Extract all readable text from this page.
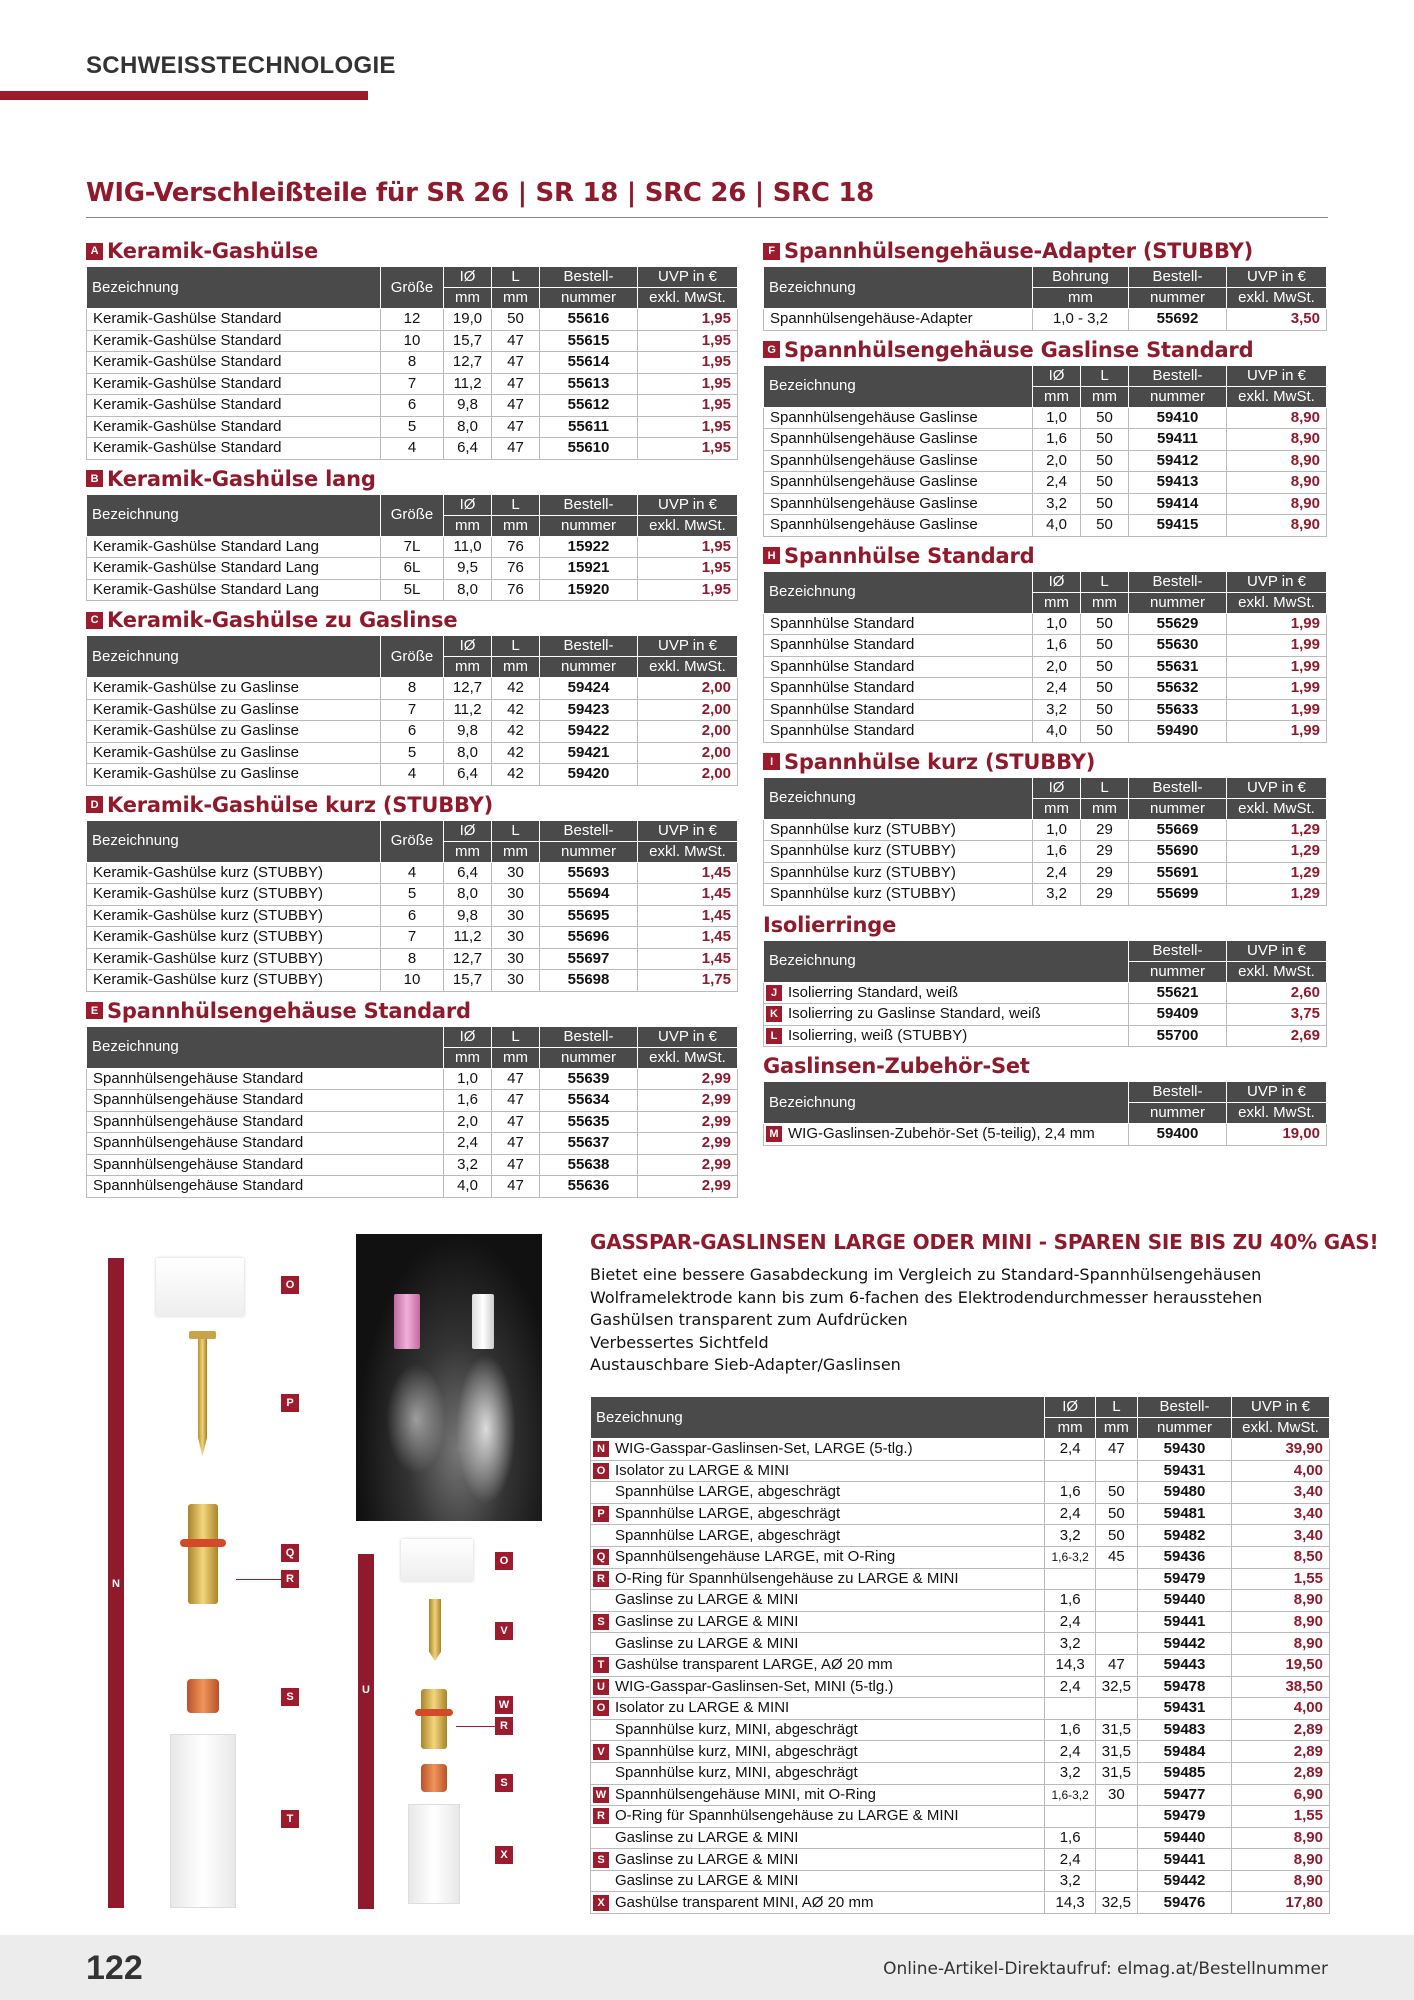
SCHWEISSTECHNOLOGIE
WIG-Verschleißteile für SR 26 | SR 18 | SRC 26 | SRC 18
A Keramik-Gashülse
Bezeichnung	Größe	IØ	L	Bestell-	UVP in €
		mm	mm	nummer	exkl. MwSt.
Keramik-Gashülse Standard	12	19,0	50	55616	1,95
Keramik-Gashülse Standard	10	15,7	47	55615	1,95
Keramik-Gashülse Standard	8	12,7	47	55614	1,95
Keramik-Gashülse Standard	7	11,2	47	55613	1,95
Keramik-Gashülse Standard	6	9,8	47	55612	1,95
Keramik-Gashülse Standard	5	8,0	47	55611	1,95
Keramik-Gashülse Standard	4	6,4	47	55610	1,95
B Keramik-Gashülse lang
Bezeichnung	Größe	IØ	L	Bestell-	UVP in €
		mm	mm	nummer	exkl. MwSt.
Keramik-Gashülse Standard Lang	7L	11,0	76	15922	1,95
Keramik-Gashülse Standard Lang	6L	9,5	76	15921	1,95
Keramik-Gashülse Standard Lang	5L	8,0	76	15920	1,95
C Keramik-Gashülse zu Gaslinse
Bezeichnung	Größe	IØ	L	Bestell-	UVP in €
		mm	mm	nummer	exkl. MwSt.
Keramik-Gashülse zu Gaslinse	8	12,7	42	59424	2,00
Keramik-Gashülse zu Gaslinse	7	11,2	42	59423	2,00
Keramik-Gashülse zu Gaslinse	6	9,8	42	59422	2,00
Keramik-Gashülse zu Gaslinse	5	8,0	42	59421	2,00
Keramik-Gashülse zu Gaslinse	4	6,4	42	59420	2,00
D Keramik-Gashülse kurz (STUBBY)
Bezeichnung	Größe	IØ	L	Bestell-	UVP in €
		mm	mm	nummer	exkl. MwSt.
Keramik-Gashülse kurz (STUBBY)	4	6,4	30	55693	1,45
Keramik-Gashülse kurz (STUBBY)	5	8,0	30	55694	1,45
Keramik-Gashülse kurz (STUBBY)	6	9,8	30	55695	1,45
Keramik-Gashülse kurz (STUBBY)	7	11,2	30	55696	1,45
Keramik-Gashülse kurz (STUBBY)	8	12,7	30	55697	1,45
Keramik-Gashülse kurz (STUBBY)	10	15,7	30	55698	1,75
E Spannhülsengehäuse Standard
Bezeichnung	IØ	L	Bestell-	UVP in €
	mm	mm	nummer	exkl. MwSt.
Spannhülsengehäuse Standard	1,0	47	55639	2,99
Spannhülsengehäuse Standard	1,6	47	55634	2,99
Spannhülsengehäuse Standard	2,0	47	55635	2,99
Spannhülsengehäuse Standard	2,4	47	55637	2,99
Spannhülsengehäuse Standard	3,2	47	55638	2,99
Spannhülsengehäuse Standard	4,0	47	55636	2,99
F Spannhülsengehäuse-Adapter (STUBBY)
Bezeichnung	Bohrung	Bestell-	UVP in €
	mm	nummer	exkl. MwSt.
Spannhülsengehäuse-Adapter	1,0 - 3,2	55692	3,50
G Spannhülsengehäuse Gaslinse Standard
Bezeichnung	IØ	L	Bestell-	UVP in €
	mm	mm	nummer	exkl. MwSt.
Spannhülsengehäuse Gaslinse	1,0	50	59410	8,90
Spannhülsengehäuse Gaslinse	1,6	50	59411	8,90
Spannhülsengehäuse Gaslinse	2,0	50	59412	8,90
Spannhülsengehäuse Gaslinse	2,4	50	59413	8,90
Spannhülsengehäuse Gaslinse	3,2	50	59414	8,90
Spannhülsengehäuse Gaslinse	4,0	50	59415	8,90
H Spannhülse Standard
Bezeichnung	IØ	L	Bestell-	UVP in €
	mm	mm	nummer	exkl. MwSt.
Spannhülse Standard	1,0	50	55629	1,99
Spannhülse Standard	1,6	50	55630	1,99
Spannhülse Standard	2,0	50	55631	1,99
Spannhülse Standard	2,4	50	55632	1,99
Spannhülse Standard	3,2	50	55633	1,99
Spannhülse Standard	4,0	50	59490	1,99
I Spannhülse kurz (STUBBY)
Bezeichnung	IØ	L	Bestell-	UVP in €
	mm	mm	nummer	exkl. MwSt.
Spannhülse kurz (STUBBY)	1,0	29	55669	1,29
Spannhülse kurz (STUBBY)	1,6	29	55690	1,29
Spannhülse kurz (STUBBY)	2,4	29	55691	1,29
Spannhülse kurz (STUBBY)	3,2	29	55699	1,29
Isolierringe
Bezeichnung	Bestell-	UVP in €
	nummer	exkl. MwSt.
J Isolierring Standard, weiß	55621	2,60
K Isolierring zu Gaslinse Standard, weiß	59409	3,75
L Isolierring, weiß (STUBBY)	55700	2,69
Gaslinsen-Zubehör-Set
Bezeichnung	Bestell-	UVP in €
	nummer	exkl. MwSt.
M WIG-Gaslinsen-Zubehör-Set (5-teilig), 2,4 mm	59400	19,00
N
O
P
Q
R
S
T
U
O
V
W
R
S
X
GASSPAR-GASLINSEN LARGE ODER MINI - SPAREN SIE BIS ZU 40% GAS!
Bietet eine bessere Gasabdeckung im Vergleich zu Standard-Spannhülsengehäusen
Wolframelektrode kann bis zum 6-fachen des Elektrodendurchmesser herausstehen
Gashülsen transparent zum Aufdrücken
Verbessertes Sichtfeld
Austauschbare Sieb-Adapter/Gaslinsen
Bezeichnung	IØ	L	Bestell-	UVP in €
	mm	mm	nummer	exkl. MwSt.
N WIG-Gasspar-Gaslinsen-Set, LARGE (5-tlg.)	2,4	47	59430	39,90
O Isolator zu LARGE & MINI			59431	4,00
Spannhülse LARGE, abgeschrägt	1,6	50	59480	3,40
P Spannhülse LARGE, abgeschrägt	2,4	50	59481	3,40
Spannhülse LARGE, abgeschrägt	3,2	50	59482	3,40
Q Spannhülsengehäuse LARGE, mit O-Ring	1,6-3,2	45	59436	8,50
R O-Ring für Spannhülsengehäuse zu LARGE & MINI			59479	1,55
Gaslinse zu LARGE & MINI	1,6		59440	8,90
S Gaslinse zu LARGE & MINI	2,4		59441	8,90
Gaslinse zu LARGE & MINI	3,2		59442	8,90
T Gashülse transparent LARGE, AØ 20 mm	14,3	47	59443	19,50
U WIG-Gasspar-Gaslinsen-Set, MINI (5-tlg.)	2,4	32,5	59478	38,50
O Isolator zu LARGE & MINI			59431	4,00
Spannhülse kurz, MINI, abgeschrägt	1,6	31,5	59483	2,89
V Spannhülse kurz, MINI, abgeschrägt	2,4	31,5	59484	2,89
Spannhülse kurz, MINI, abgeschrägt	3,2	31,5	59485	2,89
W Spannhülsengehäuse MINI, mit O-Ring	1,6-3,2	30	59477	6,90
R O-Ring für Spannhülsengehäuse zu LARGE & MINI			59479	1,55
Gaslinse zu LARGE & MINI	1,6		59440	8,90
S Gaslinse zu LARGE & MINI	2,4		59441	8,90
Gaslinse zu LARGE & MINI	3,2		59442	8,90
X Gashülse transparent MINI, AØ 20 mm	14,3	32,5	59476	17,80
122	Online-Artikel-Direktaufruf: elmag.at/Bestellnummer
